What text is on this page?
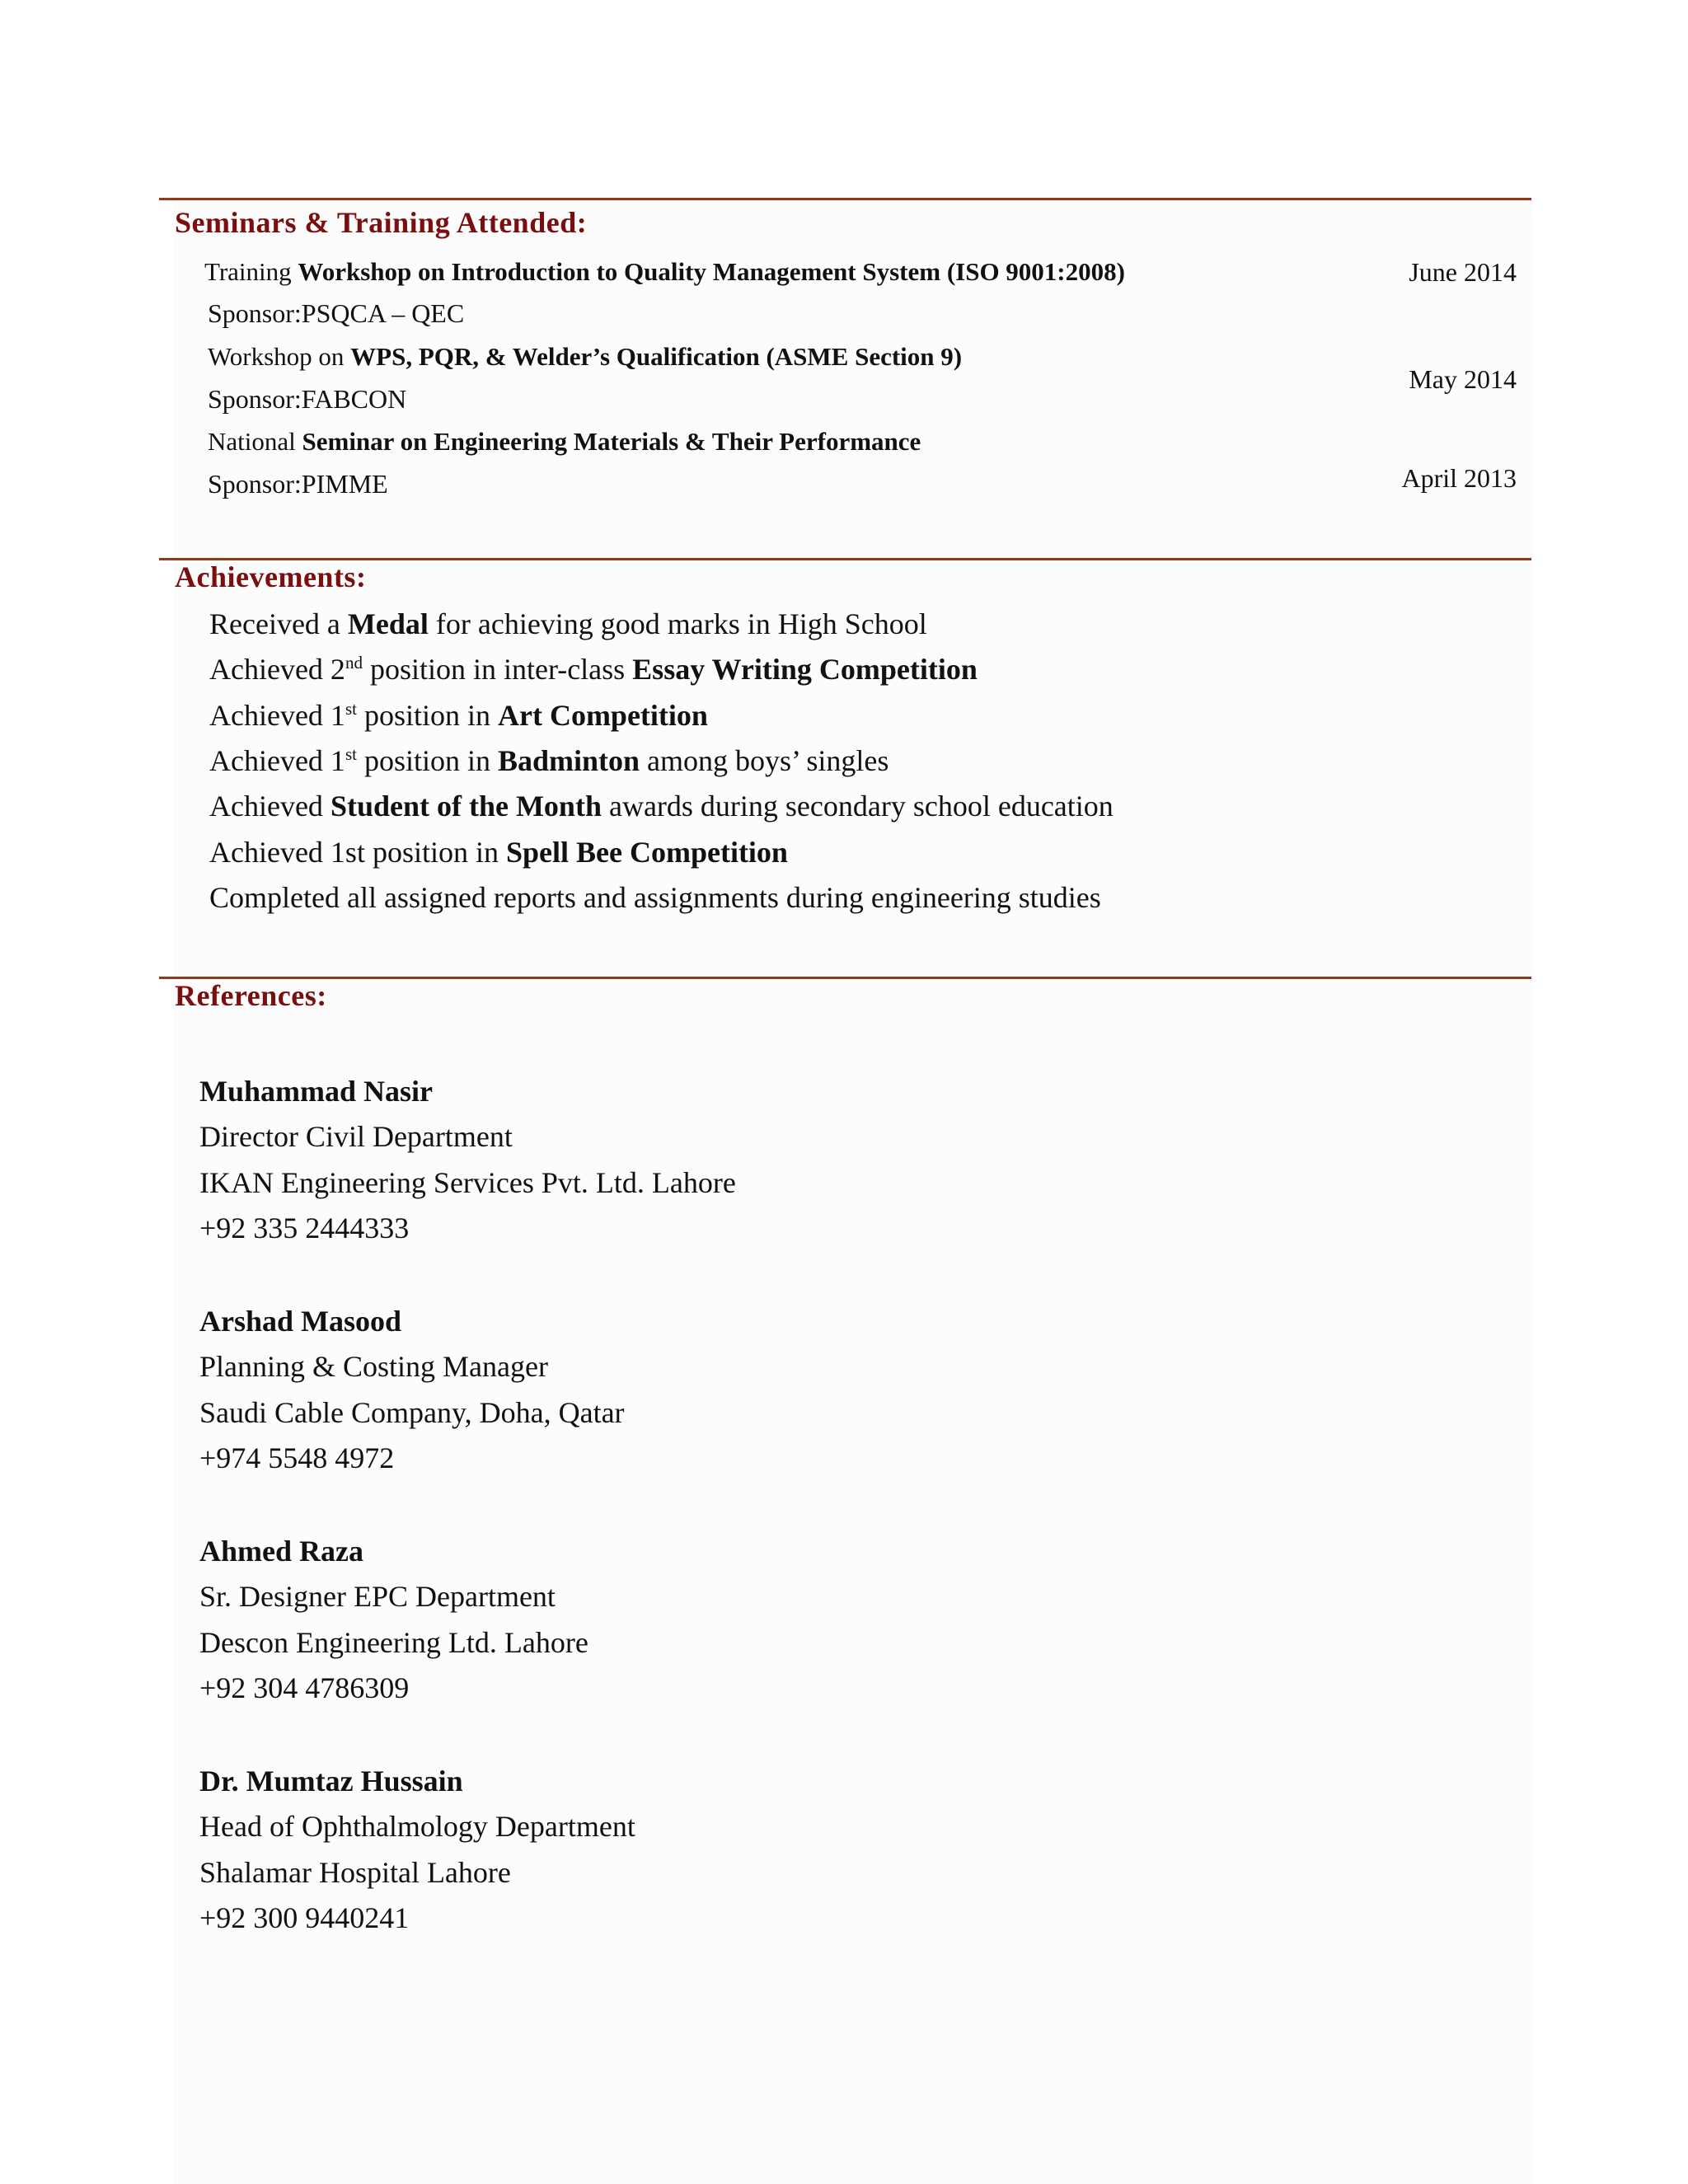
Seminars & Training Attended:
Training Workshop on Introduction to Quality Management System (ISO 9001:2008)
Sponsor:PSQCA – QEC
June 2014
Workshop on WPS, PQR, & Welder’s Qualification (ASME Section 9)
Sponsor:FABCON
May 2014
National Seminar on Engineering Materials & Their Performance
Sponsor:PIMME	April 2013
Achievements:
Received a Medal for achieving good marks in High School
Achieved 2nd position in inter-class Essay Writing Competition
Achieved 1st position in Art Competition
Achieved 1st position in Badminton among boys’ singles
Achieved Student of the Month awards during secondary school education
Achieved 1st position in Spell Bee Competition
Completed all assigned reports and assignments during engineering studies
References:
Muhammad Nasir
Director Civil Department
IKAN Engineering Services Pvt. Ltd. Lahore
+92 335 2444333
Arshad Masood
Planning & Costing Manager
Saudi Cable Company, Doha, Qatar
+974 5548 4972
Ahmed Raza
Sr. Designer EPC Department
Descon Engineering Ltd. Lahore
+92 304 4786309
Dr. Mumtaz Hussain
Head of Ophthalmology Department
Shalamar Hospital Lahore
+92 300 9440241
